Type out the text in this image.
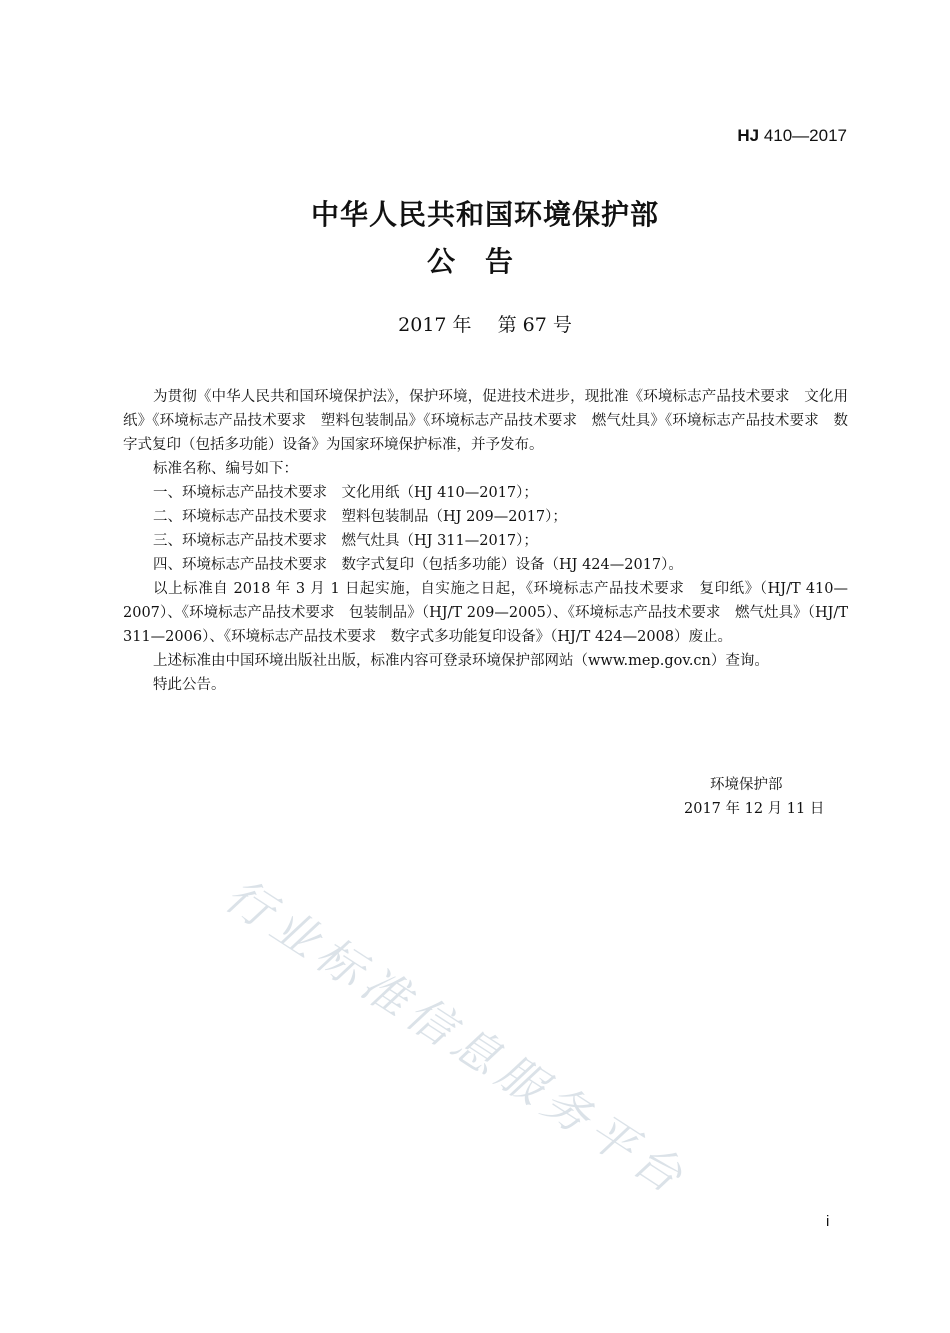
HJ 410—2017
中华人民共和国环境保护部
公告
2017 年 第 67 号

为贯彻《中华人民共和国环境保护法》，保护环境，促进技术进步，现批准《环境标志产品技术要求　文化用纸》《环境标志产品技术要求　塑料包装制品》《环境标志产品技术要求　燃气灶具》《环境标志产品技术要求　数字式复印（包括多功能）设备》为国家环境保护标准，并予发布。

标准名称、编号如下：

一、环境标志产品技术要求　文化用纸（HJ 410—2017）；

二、环境标志产品技术要求　塑料包装制品（HJ 209—2017）；

三、环境标志产品技术要求　燃气灶具（HJ 311—2017）；

四、环境标志产品技术要求　数字式复印（包括多功能）设备（HJ 424—2017）。

以上标准自 2018 年 3 月 1 日起实施，自实施之日起，《环境标志产品技术要求　复印纸》（HJ/T 410—2007）、《环境标志产品技术要求　包装制品》（HJ/T 209—2005）、《环境标志产品技术要求　燃气灶具》（HJ/T 311—2006）、《环境标志产品技术要求　数字式多功能复印设备》（HJ/T 424—2008）废止。

上述标准由中国环境出版社出版，标准内容可登录环境保护部网站（www.mep.gov.cn）查询。

特此公告。

环境保护部
2017 年 12 月 11 日
行业标准信息服务平台
i
